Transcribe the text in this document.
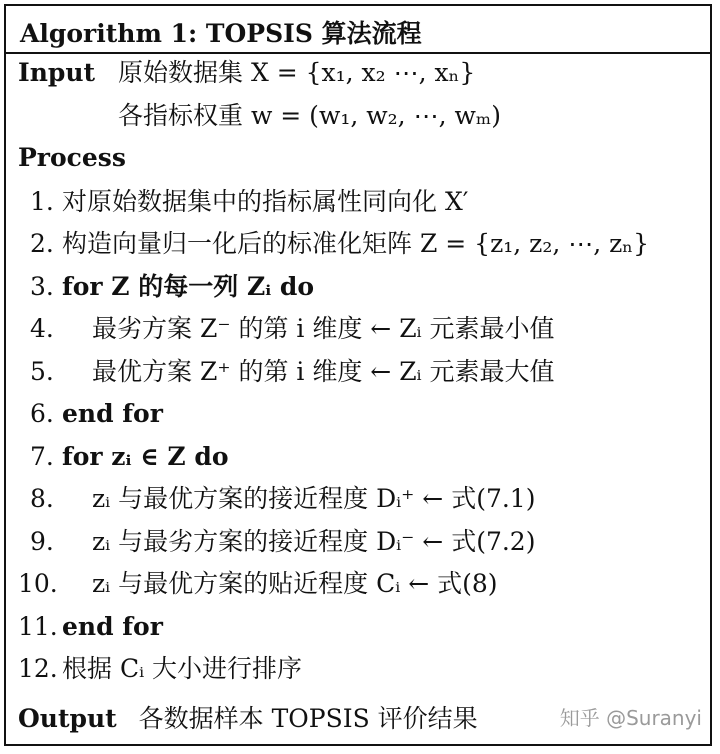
Algorithm 1: TOPSIS 算法流程
Input 原始数据集 X = {x₁, x₂ ⋯, xₙ}
各指标权重 w = (w₁, w₂, ⋯, wₘ)
Process
1. 对原始数据集中的指标属性同向化 X′
2. 构造向量归一化后的标准化矩阵 Z = {z₁, z₂, ⋯, zₙ}
3. for Z 的每一列 Zᵢ do
4. 最劣方案 Z⁻ 的第 i 维度 ← Zᵢ 元素最小值
5. 最优方案 Z⁺ 的第 i 维度 ← Zᵢ 元素最大值
6. end for
7. for zᵢ ∈ Z do
8. zᵢ 与最优方案的接近程度 Dᵢ⁺ ← 式(7.1)
9. zᵢ 与最劣方案的接近程度 Dᵢ⁻ ← 式(7.2)
10. zᵢ 与最优方案的贴近程度 Cᵢ ← 式(8)
11. end for
12. 根据 Cᵢ 大小进行排序
Output 各数据样本 TOPSIS 评价结果	知乎 @Suranyi
